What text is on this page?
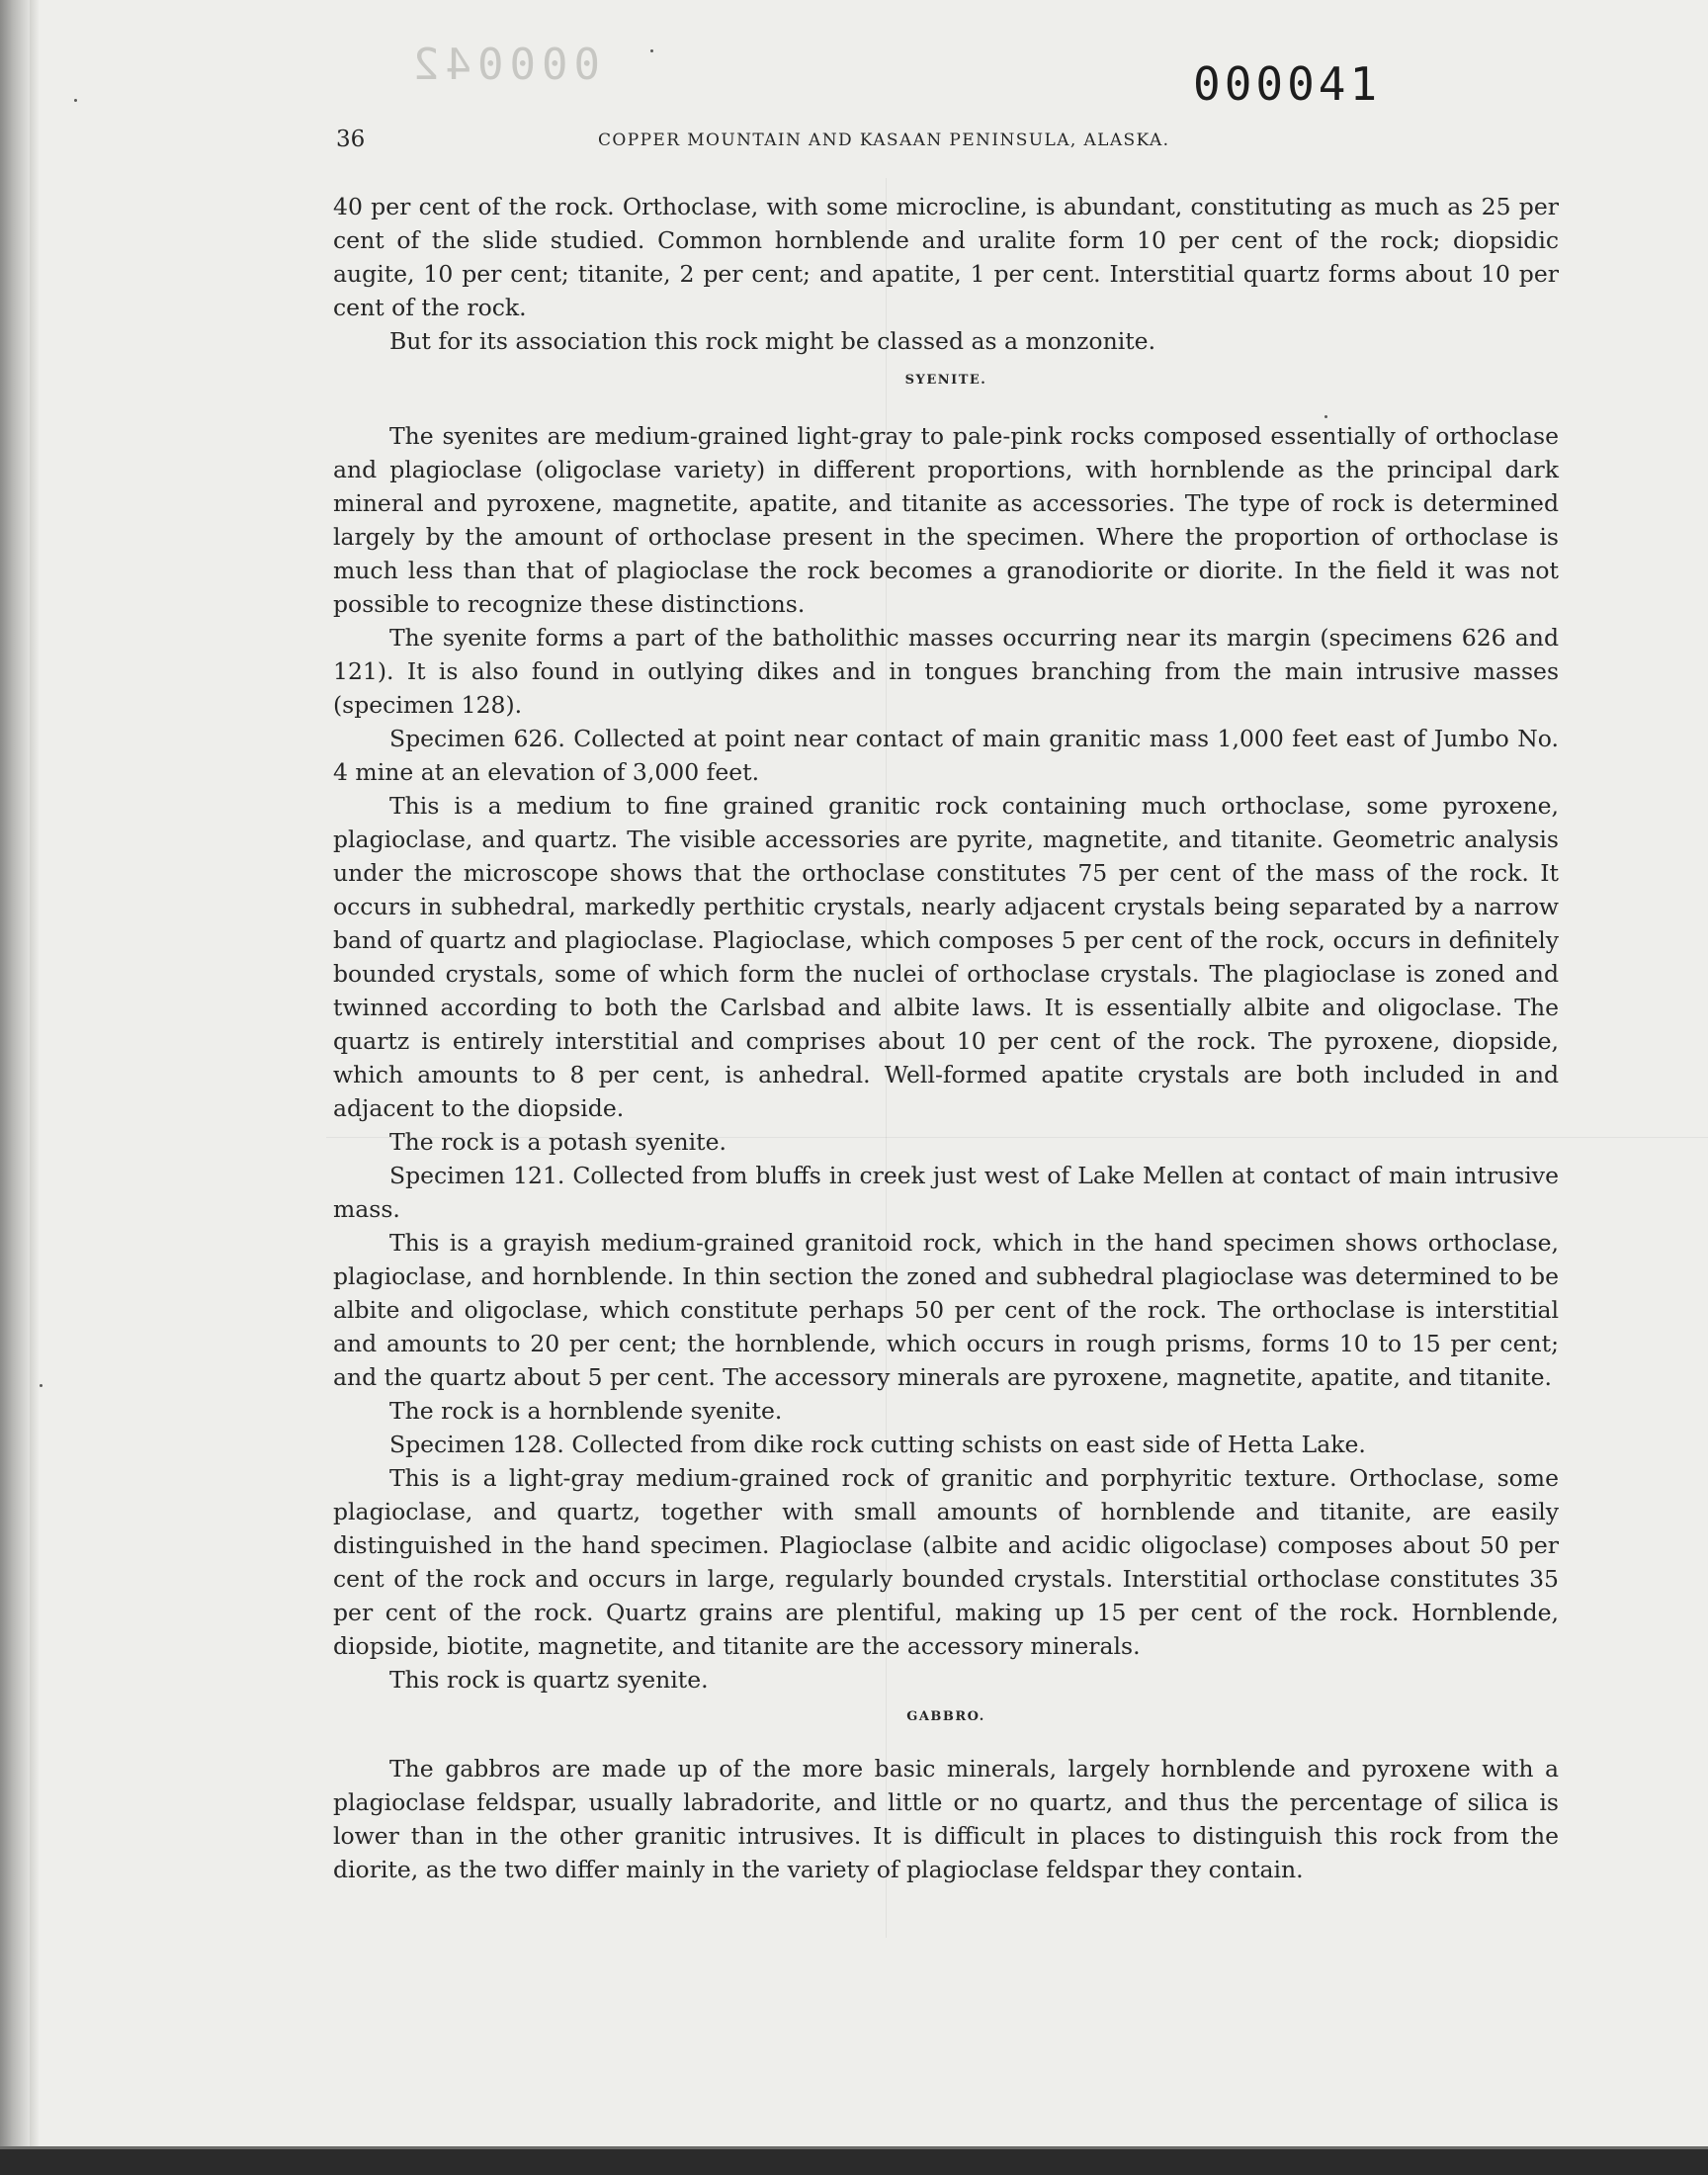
000042	000041
36	COPPER MOUNTAIN AND KASAAN PENINSULA, ALASKA.

40 per cent of the rock. Orthoclase, with some microcline, is abundant, constituting as much as 25 per cent of the slide studied. Common hornblende and uralite form 10 per cent of the rock; diopsidic augite, 10 per cent; titanite, 2 per cent; and apatite, 1 per cent. Interstitial quartz forms about 10 per cent of the rock.

But for its association this rock might be classed as a monzonite.

SYENITE.

The syenites are medium-grained light-gray to pale-pink rocks composed essentially of orthoclase and plagioclase (oligoclase variety) in different proportions, with hornblende as the principal dark mineral and pyroxene, magnetite, apatite, and titanite as accessories. The type of rock is determined largely by the amount of orthoclase present in the specimen. Where the proportion of orthoclase is much less than that of plagioclase the rock becomes a granodiorite or diorite. In the field it was not possible to recognize these distinctions.

The syenite forms a part of the batholithic masses occurring near its margin (specimens 626 and 121). It is also found in outlying dikes and in tongues branching from the main intrusive masses (specimen 128).

Specimen 626. Collected at point near contact of main granitic mass 1,000 feet east of Jumbo No. 4 mine at an elevation of 3,000 feet.

This is a medium to fine grained granitic rock containing much orthoclase, some pyroxene, plagioclase, and quartz. The visible accessories are pyrite, magnetite, and titanite. Geometric analysis under the microscope shows that the orthoclase constitutes 75 per cent of the mass of the rock. It occurs in subhedral, markedly perthitic crystals, nearly adjacent crystals being separated by a narrow band of quartz and plagioclase. Plagioclase, which composes 5 per cent of the rock, occurs in definitely bounded crystals, some of which form the nuclei of orthoclase crystals. The plagioclase is zoned and twinned according to both the Carlsbad and albite laws. It is essentially albite and oligoclase. The quartz is entirely interstitial and comprises about 10 per cent of the rock. The pyroxene, diopside, which amounts to 8 per cent, is anhedral. Well-formed apatite crystals are both included in and adjacent to the diopside.

The rock is a potash syenite.

Specimen 121. Collected from bluffs in creek just west of Lake Mellen at contact of main intrusive mass.

This is a grayish medium-grained granitoid rock, which in the hand specimen shows orthoclase, plagioclase, and hornblende. In thin section the zoned and subhedral plagioclase was determined to be albite and oligoclase, which constitute perhaps 50 per cent of the rock. The orthoclase is interstitial and amounts to 20 per cent; the hornblende, which occurs in rough prisms, forms 10 to 15 per cent; and the quartz about 5 per cent. The accessory minerals are pyroxene, magnetite, apatite, and titanite.

The rock is a hornblende syenite.

Specimen 128. Collected from dike rock cutting schists on east side of Hetta Lake.

This is a light-gray medium-grained rock of granitic and porphyritic texture. Orthoclase, some plagioclase, and quartz, together with small amounts of hornblende and titanite, are easily distinguished in the hand specimen. Plagioclase (albite and acidic oligoclase) composes about 50 per cent of the rock and occurs in large, regularly bounded crystals. Interstitial orthoclase constitutes 35 per cent of the rock. Quartz grains are plentiful, making up 15 per cent of the rock. Hornblende, diopside, biotite, magnetite, and titanite are the accessory minerals.

This rock is quartz syenite.

GABBRO.

The gabbros are made up of the more basic minerals, largely hornblende and pyroxene with a plagioclase feldspar, usually labradorite, and little or no quartz, and thus the percentage of silica is lower than in the other granitic intrusives. It is difficult in places to distinguish this rock from the diorite, as the two differ mainly in the variety of plagioclase feldspar they contain.
